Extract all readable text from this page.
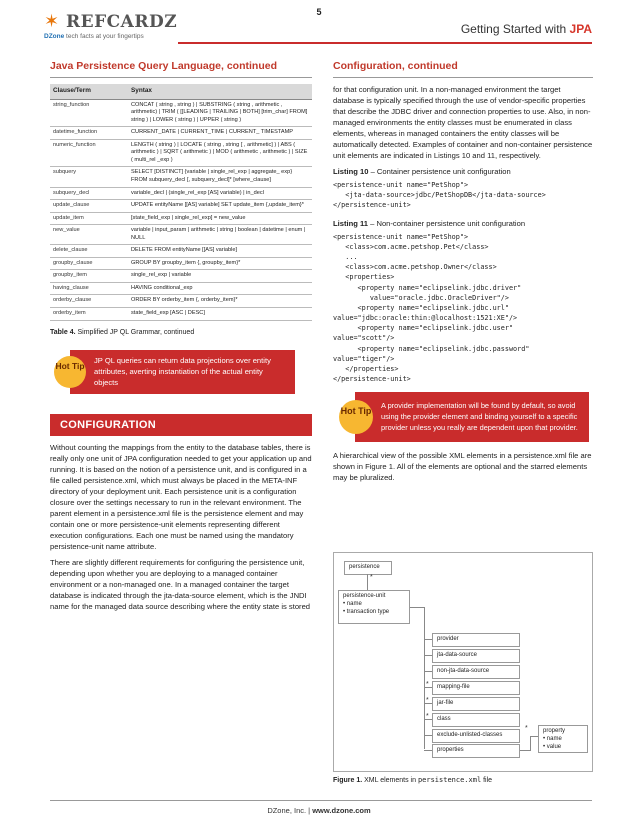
5
✶ REFCARDZ
DZone tech facts at your fingertips
Getting Started with JPA
Java Persistence Query Language, continued
Clause/Term	Syntax
string_function	CONCAT ( string , string ) | SUBSTRING ( string , arithmetic , arithmetic) | TRIM ( [[LEADING | TRAILING | BOTH] [trim_char] FROM] string ) | LOWER ( string ) | UPPER ( string )
datetime_function	CURRENT_DATE | CURRENT_TIME | CURRENT_ TIMESTAMP
numeric_function	LENGTH ( string ) | LOCATE ( string , string [ , arithmetic] ) | ABS ( arithmetic ) | SQRT ( arithmetic ) | MOD ( arithmetic , arithmetic ) | SIZE ( multi_rel _exp )
subquery	SELECT [DISTINCT] {variable | single_rel_exp | aggregate_ exp} FROM subquery_decl [, subquery_decl]* [where_clause]
subquery_decl	variable_decl | (single_rel_exp [AS] variable) | in_decl
update_clause	UPDATE entityName [[AS] variable] SET update_item {,update_item}*
update_item	[state_field_exp | single_rel_exp] = new_value
new_value	variable | input_param | arithmetic | string | boolean | datetime | enum | NULL
delete_clause	DELETE FROM entityName [[AS] variable]
groupby_clause	GROUP BY groupby_item {, groupby_item}*
groupby_item	single_rel_exp | variable
having_clause	HAVING conditional_exp
orderby_clause	ORDER BY orderby_item {, orderby_item}*
orderby_item	state_field_exp [ASC | DESC]
Table 4. Simplified JP QL Grammar, continued
Hot Tip	JP QL queries can return data projections over entity attributes, averting instantiation of the actual entity objects
CONFIGURATION

Without counting the mappings from the entity to the database tables, there is really only one unit of JPA configuration needed to get your application up and running. It is based on the notion of a persistence unit, and is configured in a file called persistence.xml, which must always be placed in the META-INF directory of your deployment unit. Each persistence unit is a configuration closure over the settings necessary to run in the relevant environment. The parent element in a persistence.xml file is the persistence element and may contain one or more persistence-unit elements representing different execution configurations. Each one must be named using the mandatory persistence-unit name attribute.

There are slightly different requirements for configuring the persistence unit, depending upon whether you are deploying to a managed container environment or a non-managed one. In a managed container the target database is indicated through the jta-data-source element, which is the JNDI name for the managed data source describing where the entity state is stored

Configuration, continued
for that configuration unit. In a non-managed environment the target database is typically specified through the use of vendor-specific properties that describe the JDBC driver and connection properties to use. Also, in non-managed environments the entity classes must be enumerated in class elements, whereas in managed containers the entity classes will be automatically detected. Examples of container and non-container persistence unit elements are indicated in Listings 10 and 11, respectively.
Listing 10 – Container persistence unit configuration
<persistence-unit name="PetShop">
<jta-data-source>jdbc/PetShopDB</jta-data-source>
</persistence-unit>
Listing 11 – Non-container persistence unit configuration
<persistence-unit name="PetShop">
<class>com.acme.petshop.Pet</class>
...
<class>com.acme.petshop.Owner</class>
<properties>
<property name="eclipselink.jdbc.driver"
value="oracle.jdbc.OracleDriver"/>
<property name="eclipselink.jdbc.url"
value="jdbc:oracle:thin:@localhost:1521:XE"/>
<property name="eclipselink.jdbc.user"
value="scott"/>
<property name="eclipselink.jdbc.password"
value="tiger"/>
</properties>
</persistence-unit>
Hot Tip
A provider implementation will be found by default, so avoid using the provider element and binding yourself to a specific provider unless you really are dependent upon that provider.
A hierarchical view of the possible XML elements in a persistence.xml file are shown in Figure 1. All of the elements are optional and the starred elements may be pluralized.
persistence
*
persistence-unit
• name
• transaction type
provider
jta-data-source
non-jta-data-source
*	mapping-file
*	jar-file
*	class
exclude-unlisted-classes
properties
*	property
• name
• value
Figure 1. XML elements in persistence.xml file
DZone, Inc. | www.dzone.com
